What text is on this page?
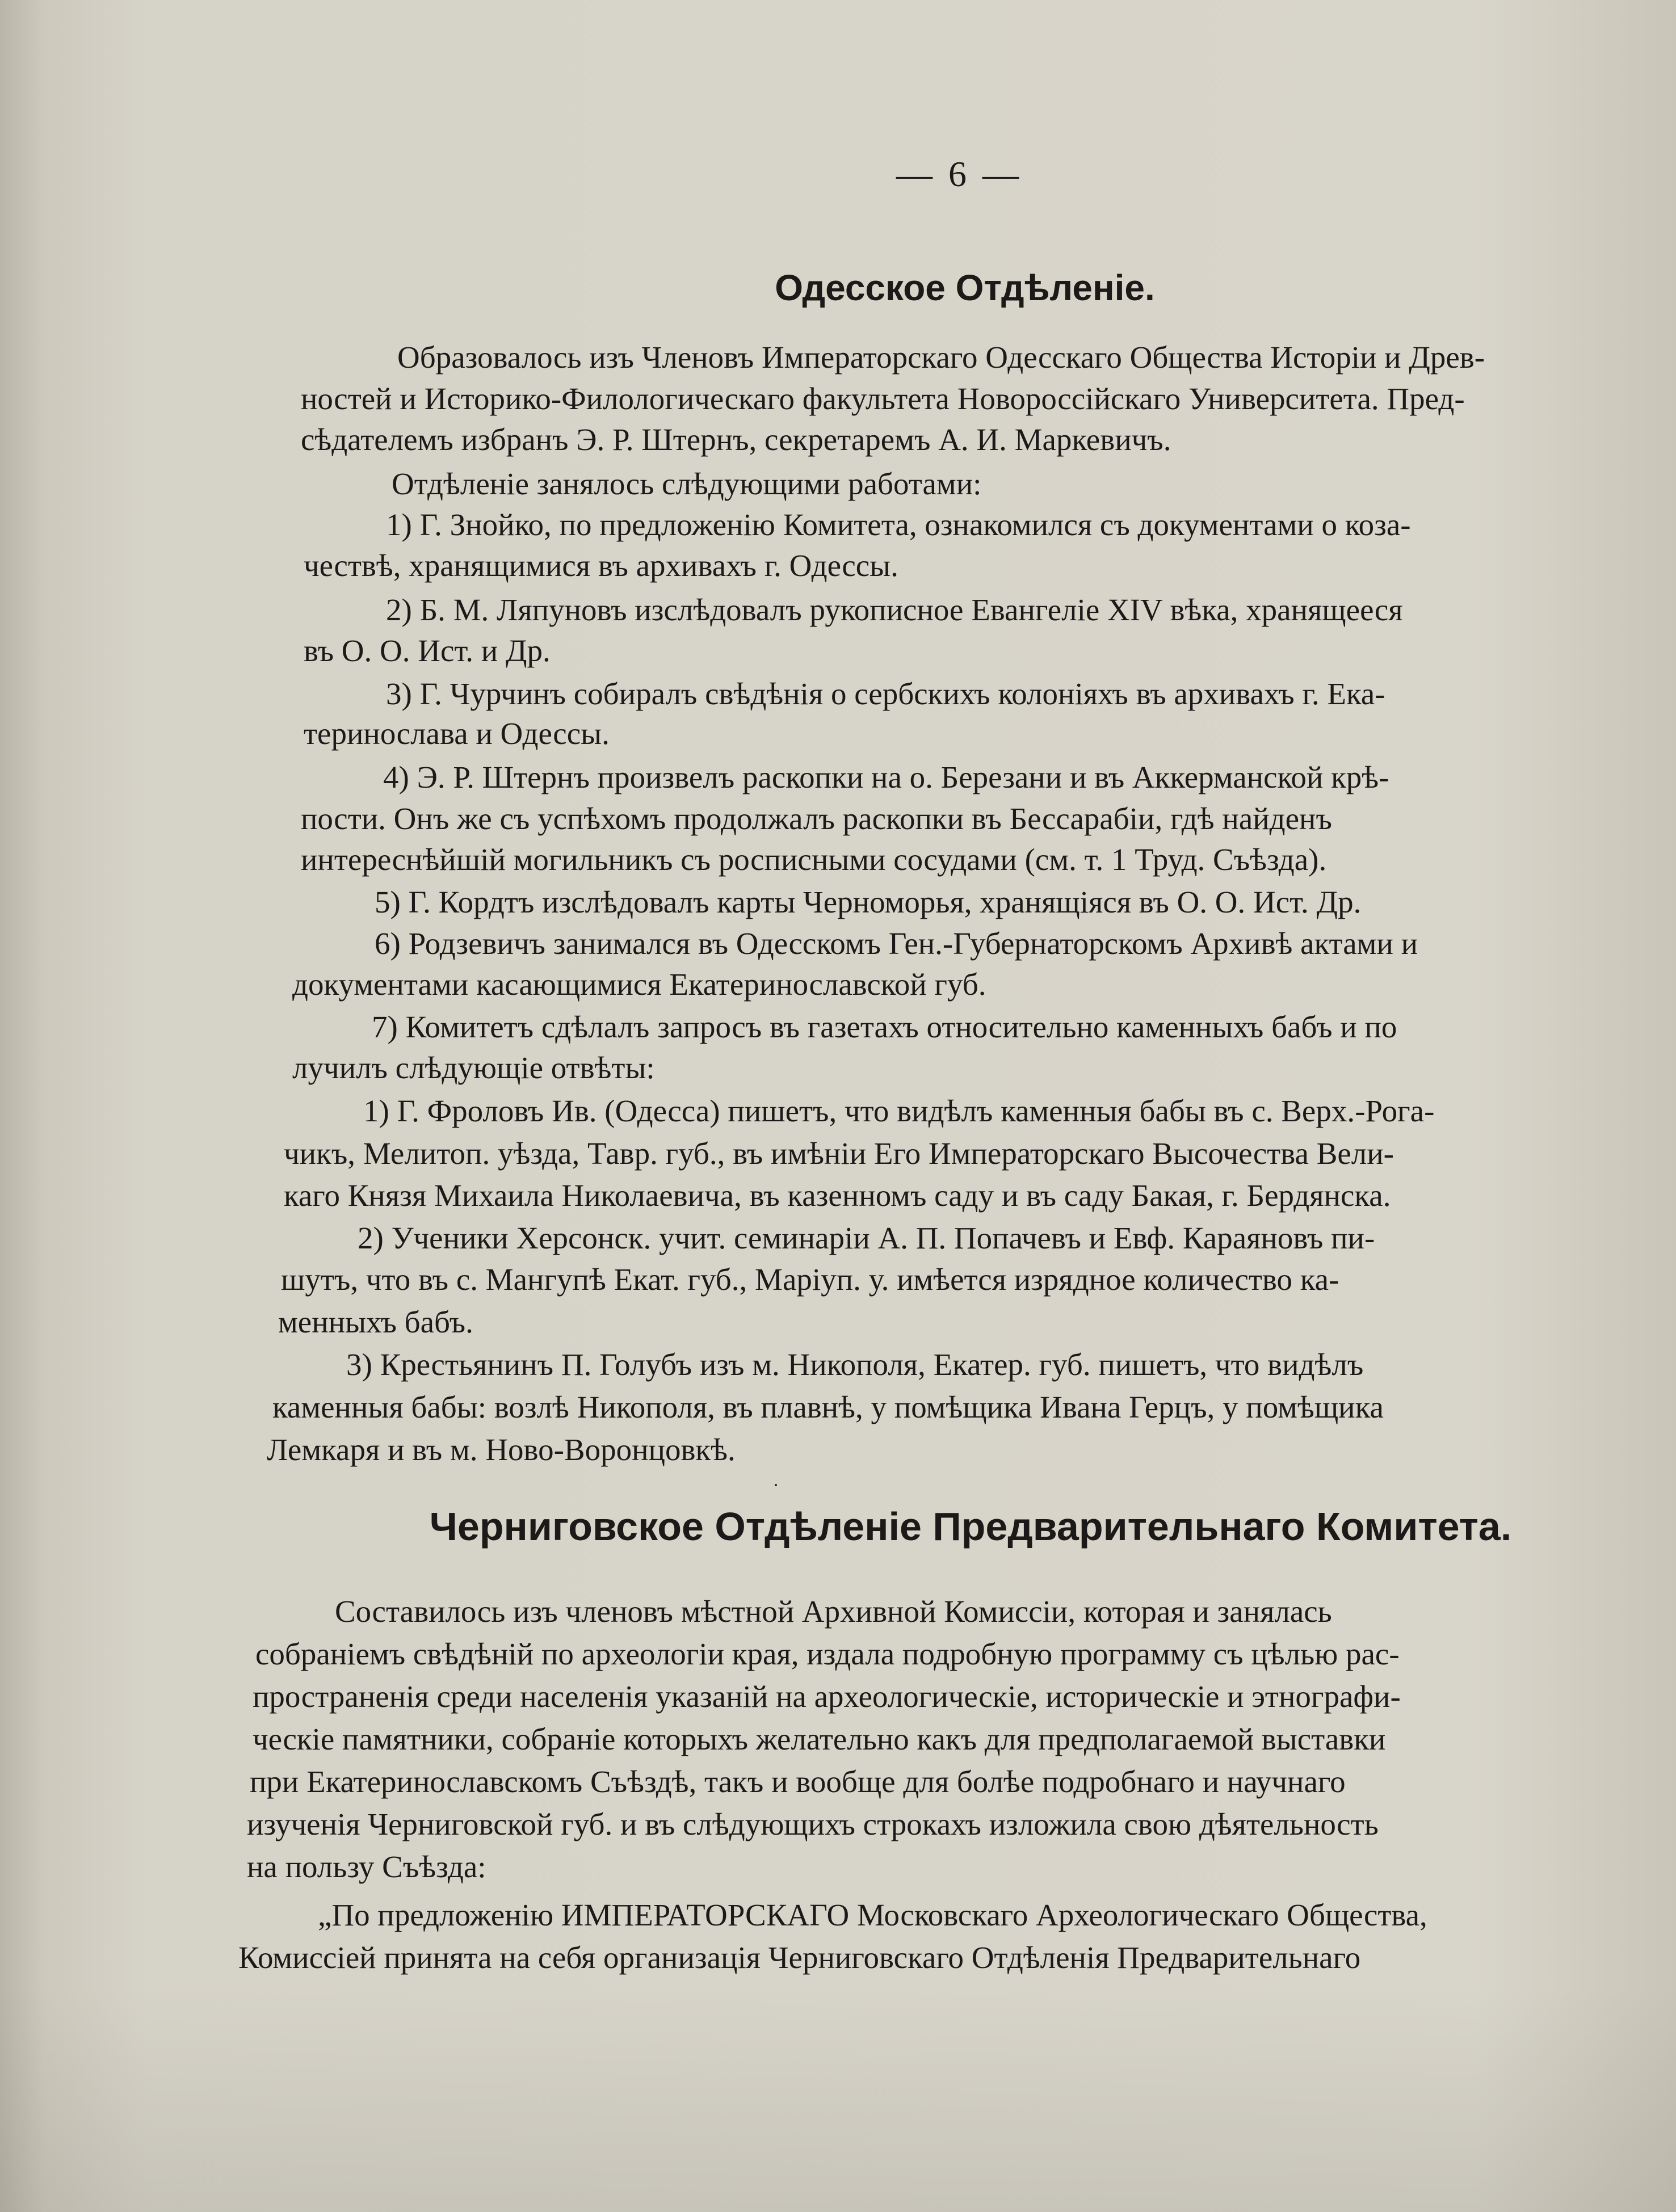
— 6 —
Одесское Отдѣленіе.
Образовалось изъ Членовъ Императорскаго Одесскаго Общества Исторіи и Древ-
ностей и Историко-Филологическаго факультета Новороссійскаго Университета. Пред-
сѣдателемъ избранъ Э. Р. Штернъ, секретаремъ А. И. Маркевичъ.
Отдѣленіе занялось слѣдующими работами:
1) Г. Знойко, по предложенію Комитета, ознакомился съ документами о коза-
чествѣ, хранящимися въ архивахъ г. Одессы.
2) Б. М. Ляпуновъ изслѣдовалъ рукописное Евангеліе XIV вѣка, хранящееся
въ О. О. Ист. и Др.
3) Г. Чурчинъ собиралъ свѣдѣнія о сербскихъ колоніяхъ въ архивахъ г. Ека-
теринослава и Одессы.
4) Э. Р. Штернъ произвелъ раскопки на о. Березани и въ Аккерманской крѣ-
пости. Онъ же съ успѣхомъ продолжалъ раскопки въ Бессарабіи, гдѣ найденъ
интереснѣйшій могильникъ съ росписными сосудами (см. т. 1 Труд. Съѣзда).
5) Г. Кордтъ изслѣдовалъ карты Черноморья, хранящіяся въ О. О. Ист. Др.
6) Родзевичъ занимался въ Одесскомъ Ген.-Губернаторскомъ Архивѣ актами и
документами касающимися Екатеринославской губ.
7) Комитетъ сдѣлалъ запросъ въ газетахъ относительно каменныхъ бабъ и по
лучилъ слѣдующіе отвѣты:
1) Г. Фроловъ Ив. (Одесса) пишетъ, что видѣлъ каменныя бабы въ с. Верх.-Рога-
чикъ, Мелитоп. уѣзда, Тавр. губ., въ имѣніи Его Императорскаго Высочества Вели-
каго Князя Михаила Николаевича, въ казенномъ саду и въ саду Бакая, г. Бердянска.
2) Ученики Херсонск. учит. семинаріи А. П. Попачевъ и Евф. Караяновъ пи-
шутъ, что въ с. Мангупѣ Екат. губ., Маріуп. у. имѣется изрядное количество ка-
менныхъ бабъ.
3) Крестьянинъ П. Голубъ изъ м. Никополя, Екатер. губ. пишетъ, что видѣлъ
каменныя бабы: возлѣ Никополя, въ плавнѣ, у помѣщика Ивана Герцъ, у помѣщика
Лемкаря и въ м. Ново-Воронцовкѣ.
Черниговское Отдѣленіе Предварительнаго Комитета.
Составилось изъ членовъ мѣстной Архивной Комиссіи, которая и занялась
собраніемъ свѣдѣній по археологіи края, издала подробную программу съ цѣлью рас-
пространенія среди населенія указаній на археологическіе, историческіе и этнографи-
ческіе памятники, собраніе которыхъ желательно какъ для предполагаемой выставки
при Екатеринославскомъ Съѣздѣ, такъ и вообще для болѣе подробнаго и научнаго
изученія Черниговской губ. и въ слѣдующихъ строкахъ изложила свою дѣятельность
на пользу Съѣзда:
„По предложенію ИМПЕРАТОРСКАГО Московскаго Археологическаго Общества,
Комиссіей принята на себя организація Черниговскаго Отдѣленія Предварительнаго
